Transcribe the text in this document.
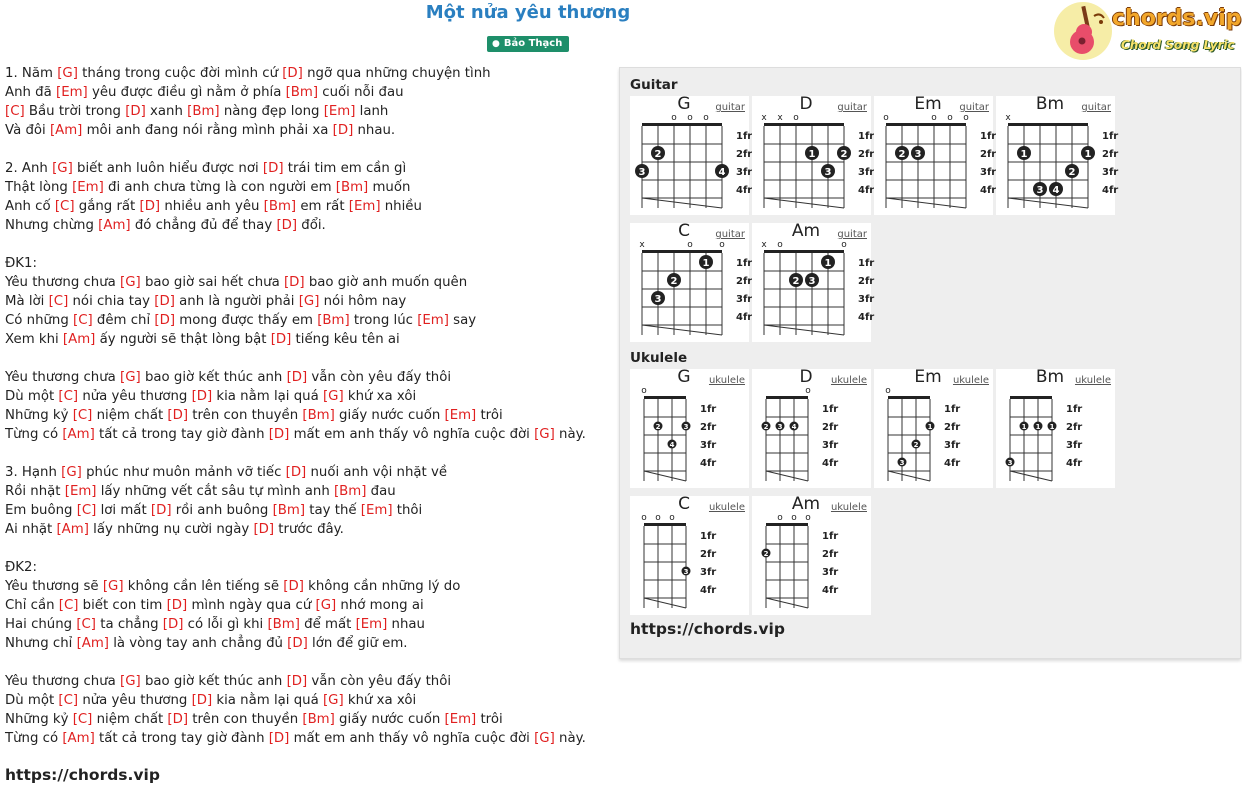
Một nửa yêu thương
● Bảo Thạch
chords.vip
Chord Song Lyric
1. Năm [G] tháng trong cuộc đời mình cứ [D] ngỡ qua những chuyện tình
Anh đã [Em] yêu được điều gì nằm ở phía [Bm] cuối nỗi đau
[C] Bầu trời trong [D] xanh [Bm] nàng đẹp long [Em] lanh
Và đôi [Am] môi anh đang nói rằng mình phải xa [D] nhau.
2. Anh [G] biết anh luôn hiểu được nơi [D] trái tim em cần gì
Thật lòng [Em] đi anh chưa từng là con người em [Bm] muốn
Anh cố [C] gắng rất [D] nhiều anh yêu [Bm] em rất [Em] nhiều
Nhưng chừng [Am] đó chẳng đủ để thay [D] đổi.
ĐK1:
Yêu thương chưa [G] bao giờ sai hết chưa [D] bao giờ anh muốn quên
Mà lời [C] nói chia tay [D] anh là người phải [G] nói hôm nay
Có những [C] đêm chỉ [D] mong được thấy em [Bm] trong lúc [Em] say
Xem khi [Am] ấy người sẽ thật lòng bật [D] tiếng kêu tên ai
Yêu thương chưa [G] bao giờ kết thúc anh [D] vẫn còn yêu đấy thôi
Dù một [C] nửa yêu thương [D] kia nằm lại quá [G] khứ xa xôi
Những kỷ [C] niệm chất [D] trên con thuyền [Bm] giấy nước cuốn [Em] trôi
Từng có [Am] tất cả trong tay giờ đành [D] mất em anh thấy vô nghĩa cuộc đời [G] này.
3. Hạnh [G] phúc như muôn mảnh vỡ tiếc [D] nuối anh vội nhặt về
Rồi nhặt [Em] lấy những vết cắt sâu tự mình anh [Bm] đau
Em buông [C] lơi mất [D] rồi anh buông [Bm] tay thế [Em] thôi
Ai nhặt [Am] lấy những nụ cười ngày [D] trước đây.
ĐK2:
Yêu thương sẽ [G] không cần lên tiếng sẽ [D] không cần những lý do
Chỉ cần [C] biết con tim [D] mình ngày qua cứ [G] nhớ mong ai
Hai chúng [C] ta chẳng [D] có lỗi gì khi [Bm] để mất [Em] nhau
Nhưng chỉ [Am] là vòng tay anh chẳng đủ [D] lớn để giữ em.
Yêu thương chưa [G] bao giờ kết thúc anh [D] vẫn còn yêu đấy thôi
Dù một [C] nửa yêu thương [D] kia nằm lại quá [G] khứ xa xôi
Những kỷ [C] niệm chất [D] trên con thuyền [Bm] giấy nước cuốn [Em] trôi
Từng có [Am] tất cả trong tay giờ đành [D] mất em anh thấy vô nghĩa cuộc đời [G] này.
https://chords.vip
Guitar
Ukulele
G	guitar
o o o
1fr
2fr
3fr
4fr
2
3	4
D	guitar
x x o
1fr
2fr
3fr
4fr
1	2
3
Em	guitar
o	o o o
1fr
2fr
3fr
4fr
2 3
Bm	guitar
x
1fr
2fr
3fr
4fr
1	1
2
3 4
C	guitar
x	o	o
1fr
2fr
3fr
4fr
1
2
3
Am	guitar
x o	o
1fr
2fr
3fr
4fr
1
2 3
G	ukulele
o
1fr
2fr
3fr
4fr
2	3
4
D	ukulele
o
1fr
2fr
3fr
4fr
2 3 4
Em	ukulele
o
1fr
2fr
3fr
4fr
1
2
3
Bm	ukulele
1fr
2fr
3fr
4fr
1 1 1
3
C	ukulele
o o o
1fr
2fr
3fr
4fr
3
Am	ukulele
o o o
1fr
2fr
3fr
4fr
2
https://chords.vip
